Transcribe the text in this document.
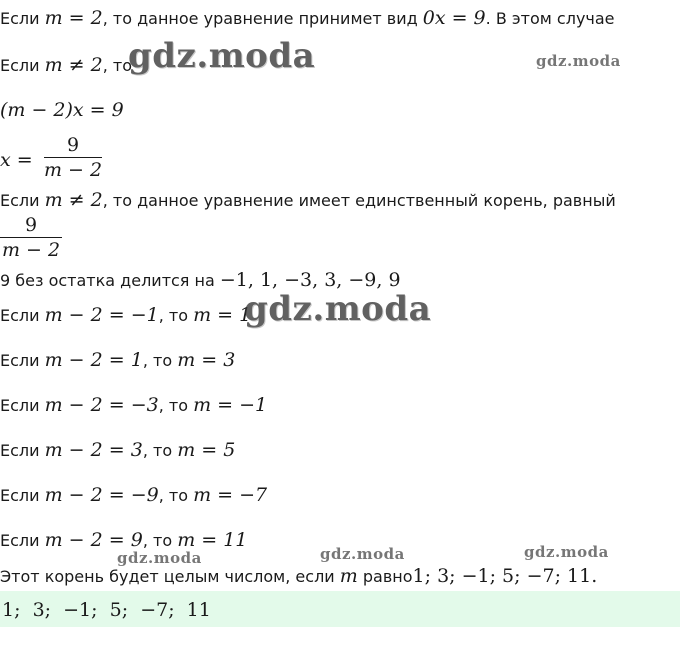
Если m = 2, то данное уравнение принимет вид 0x = 9. В этом случае
Если m ≠ 2, то
(m − 2)x = 9
x =
9
m − 2
Если m ≠ 2, то данное уравнение имеет единственный корень, равный
9
m − 2
9 без остатка делится на −1, 1, −3, 3, −9, 9
Если m − 2 = −1, то m = 1
Если m − 2 = 1, то m = 3
Если m − 2 = −3, то m = −1
Если m − 2 = 3, то m = 5
Если m − 2 = −9, то m = −7
Если m − 2 = 9, то m = 11
Этот корень будет целым числом, если m равно1; 3; −1; 5; −7; 11.
1;  3;  −1;  5;  −7;  11
gdz.moda	gdz.moda
gdz.moda
gdz.moda	gdz.moda	gdz.moda
